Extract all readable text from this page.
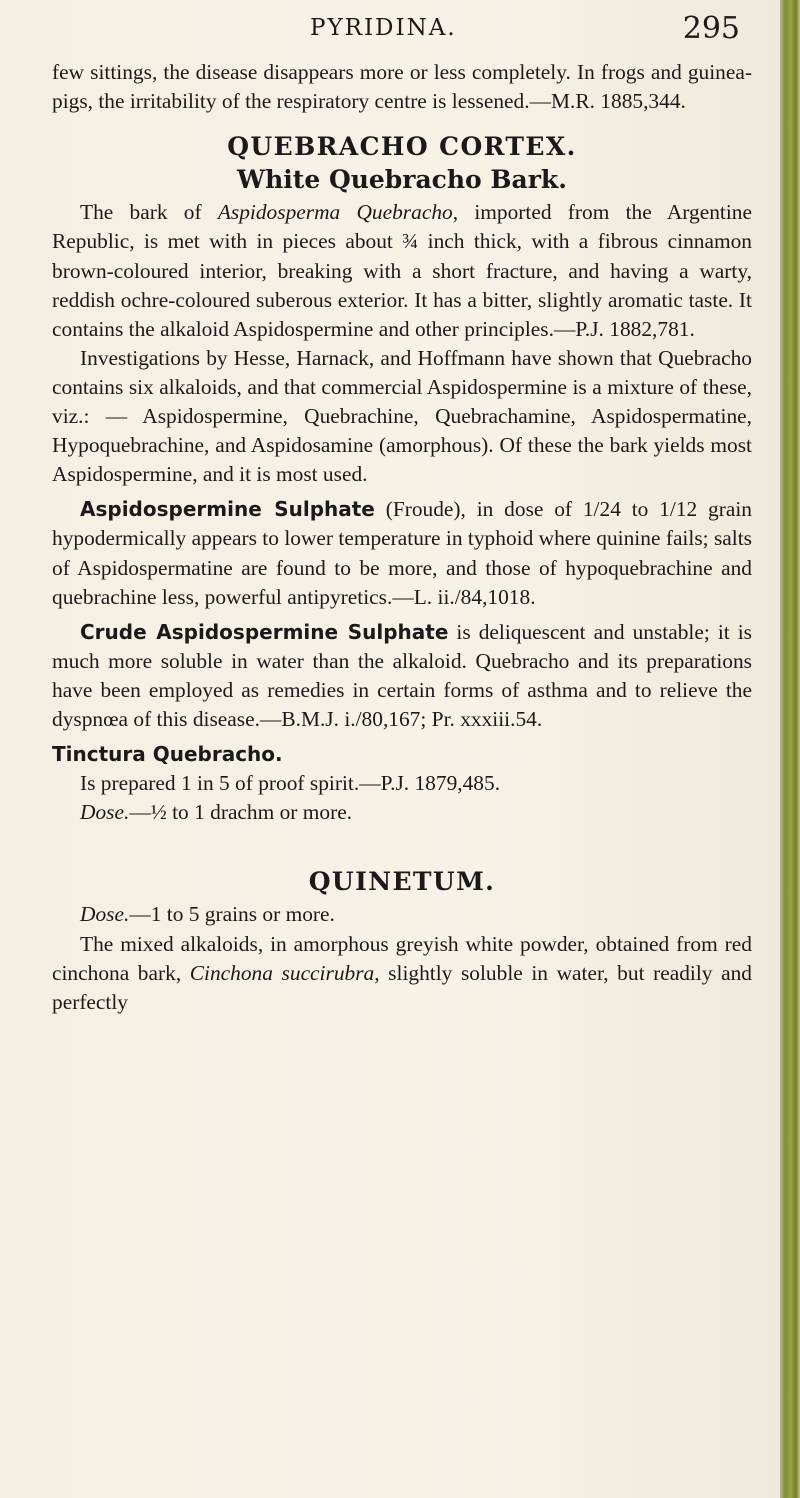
PYRIDINA.	295

few sittings, the disease disappears more or less completely. In frogs and guinea-pigs, the irritability of the respiratory centre is lessened.—M.R. 1885,344.

QUEBRACHO CORTEX.
White Quebracho Bark.

The bark of Aspidosperma Quebracho, imported from the Argentine Republic, is met with in pieces about ¾ inch thick, with a fibrous cinnamon brown-coloured interior, breaking with a short fracture, and having a warty, reddish ochre-coloured suberous exterior. It has a bitter, slightly aromatic taste. It contains the alkaloid Aspidospermine and other principles.—P.J. 1882,781.

Investigations by Hesse, Harnack, and Hoffmann have shown that Quebracho contains six alkaloids, and that commercial Aspidospermine is a mixture of these, viz.: — Aspidospermine, Quebrachine, Quebrachamine, Aspidospermatine, Hypoquebrachine, and Aspidosamine (amorphous). Of these the bark yields most Aspidospermine, and it is most used.

Aspidospermine Sulphate (Froude), in dose of 1/24 to 1/12 grain hypodermically appears to lower temperature in typhoid where quinine fails; salts of Aspidospermatine are found to be more, and those of hypoquebrachine and quebrachine less, powerful antipyretics.—L. ii./84,1018.

Crude Aspidospermine Sulphate is deliquescent and unstable; it is much more soluble in water than the alkaloid. Quebracho and its preparations have been employed as remedies in certain forms of asthma and to relieve the dyspnœa of this disease.—B.M.J. i./80,167; Pr. xxxiii.54.

Tinctura Quebracho.

Is prepared 1 in 5 of proof spirit.—P.J. 1879,485.

Dose.—½ to 1 drachm or more.

QUINETUM.

Dose.—1 to 5 grains or more.

The mixed alkaloids, in amorphous greyish white powder, obtained from red cinchona bark, Cinchona succirubra, slightly soluble in water, but readily and perfectly
